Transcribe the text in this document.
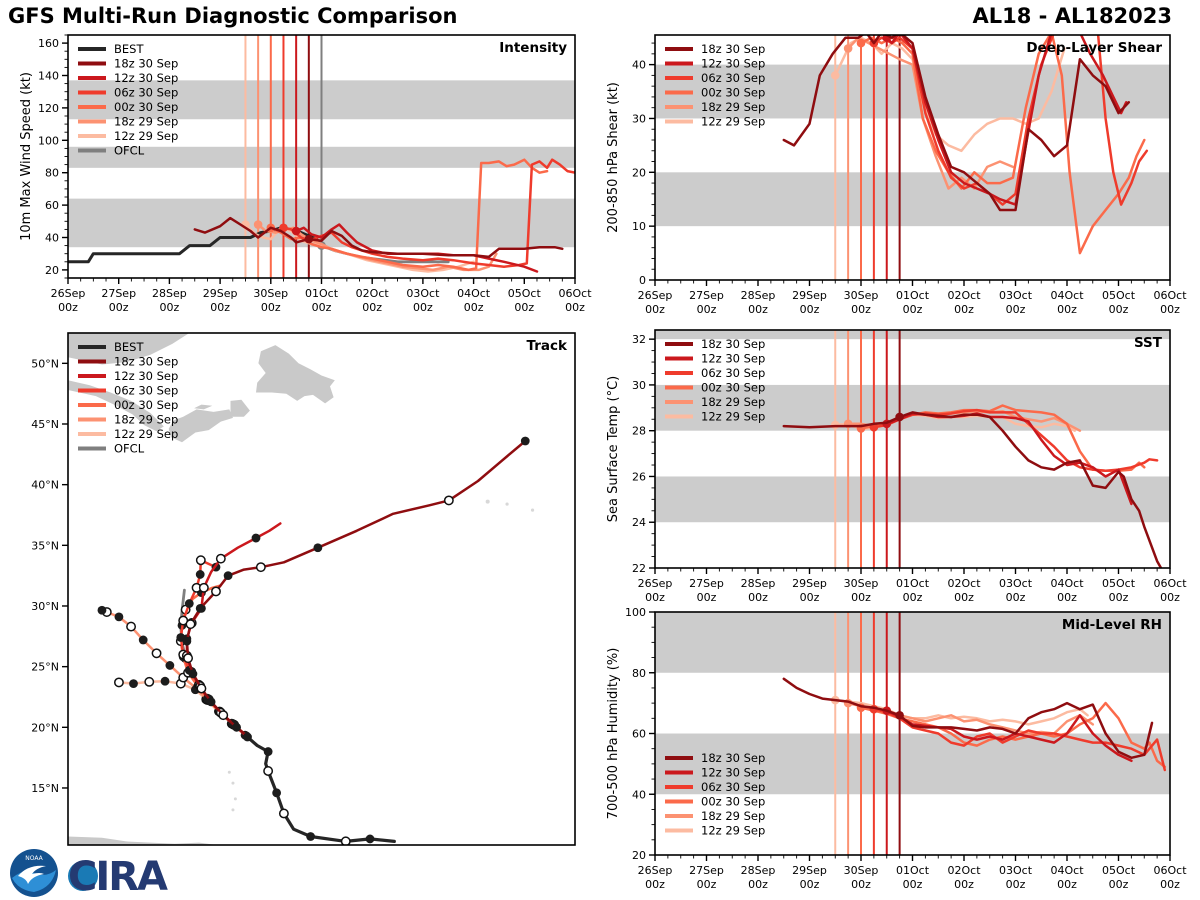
GFS Multi-Run Diagnostic Comparison	AL18 - AL182023
20
40
60
80
100
120
140
160
26Sep
00z
27Sep
00z
28Sep
00z
29Sep
00z
30Sep
00z
01Oct
00z
02Oct
00z
03Oct
00z
04Oct
00z
05Oct
00z
06Oct
00z
10m Max Wind Speed (kt)
BEST
18z 30 Sep
12z 30 Sep
06z 30 Sep
00z 30 Sep
18z 29 Sep
12z 29 Sep
OFCL
Intensity
0
10
20
30
40
26Sep
00z
27Sep
00z
28Sep
00z
29Sep
00z
30Sep
00z
01Oct
00z
02Oct
00z
03Oct
00z
04Oct
00z
05Oct
00z
06Oct
00z
200-850 hPa Shear (kt)
18z 30 Sep
12z 30 Sep
06z 30 Sep
00z 30 Sep
18z 29 Sep
12z 29 Sep
Deep-Layer Shear
22
24
26
28
30
32
26Sep
00z
27Sep
00z
28Sep
00z
29Sep
00z
30Sep
00z
01Oct
00z
02Oct
00z
03Oct
00z
04Oct
00z
05Oct
00z
06Oct
00z
Sea Surface Temp (°C)
18z 30 Sep
12z 30 Sep
06z 30 Sep
00z 30 Sep
18z 29 Sep
12z 29 Sep
SST
20
40
60
80
100
26Sep
00z
27Sep
00z
28Sep
00z
29Sep
00z
30Sep
00z
01Oct
00z
02Oct
00z
03Oct
00z
04Oct
00z
05Oct
00z
06Oct
00z
700-500 hPa Humidity (%)	18z 30 Sep
12z 30 Sep
06z 30 Sep
00z 30 Sep
18z 29 Sep
12z 29 Sep
Mid-Level RH
15°N
20°N
25°N
30°N
35°N
40°N
45°N
50°N
BEST
18z 30 Sep
12z 30 Sep
06z 30 Sep
00z 30 Sep
18z 29 Sep
12z 29 Sep
OFCL
Track
NOAA CIRA
